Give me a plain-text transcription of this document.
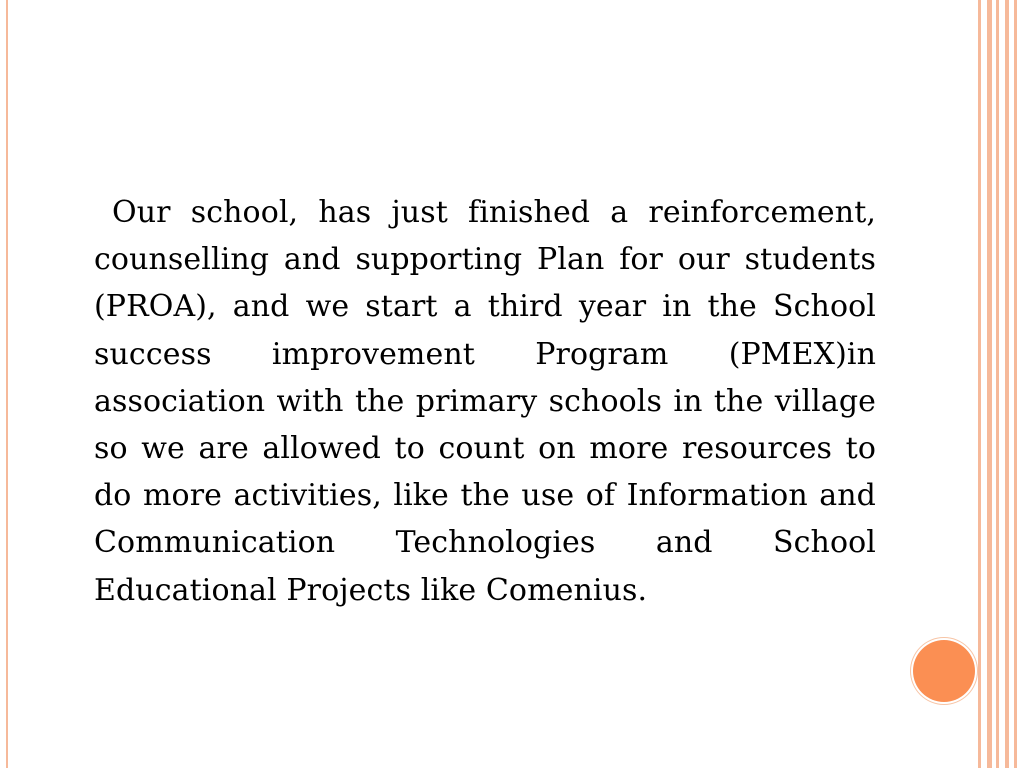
Our school, has just finished a reinforcement, counselling and supporting Plan for our students (PROA), and we start a third year in the School success improvement Program (PMEX)in association with the primary schools in the village so we are allowed to count on more resources to do more activities, like the use of Information and Communication Technologies and School Educational Projects like Comenius.
